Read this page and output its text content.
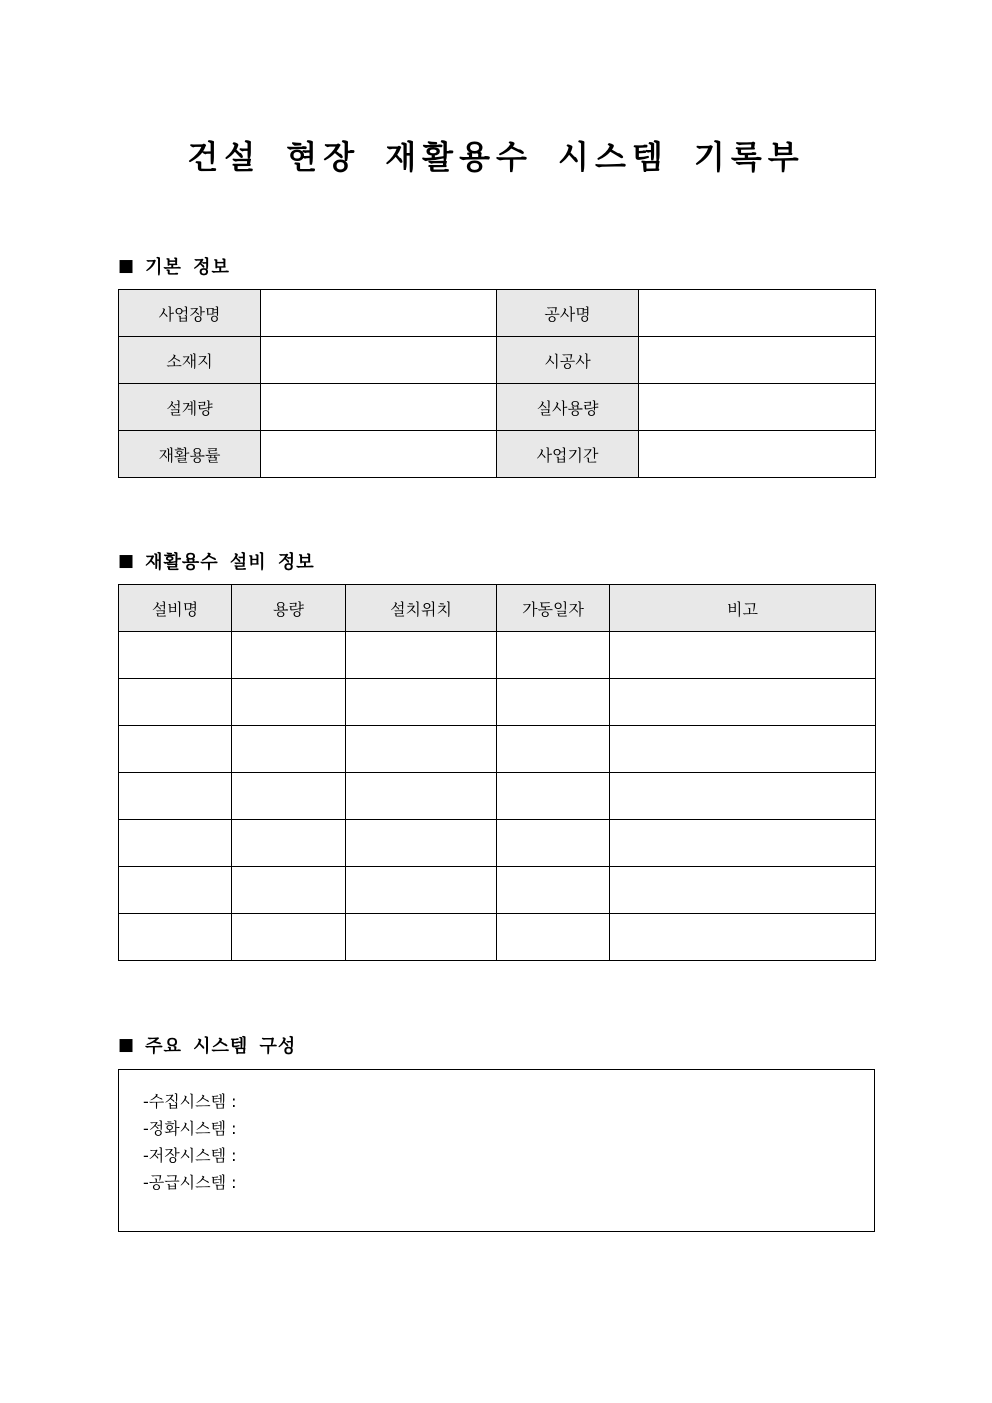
건설 현장 재활용수 시스템 기록부
■ 기본 정보
사업장명		공사명	
소재지		시공사	
설계량		실사용량	
재활용률		사업기간	
■ 재활용수 설비 정보
설비명	용량	설치위치	가동일자	비고

■ 주요 시스템 구성
-수집시스템 :
-정화시스템 :
-저장시스템 :
-공급시스템 :
